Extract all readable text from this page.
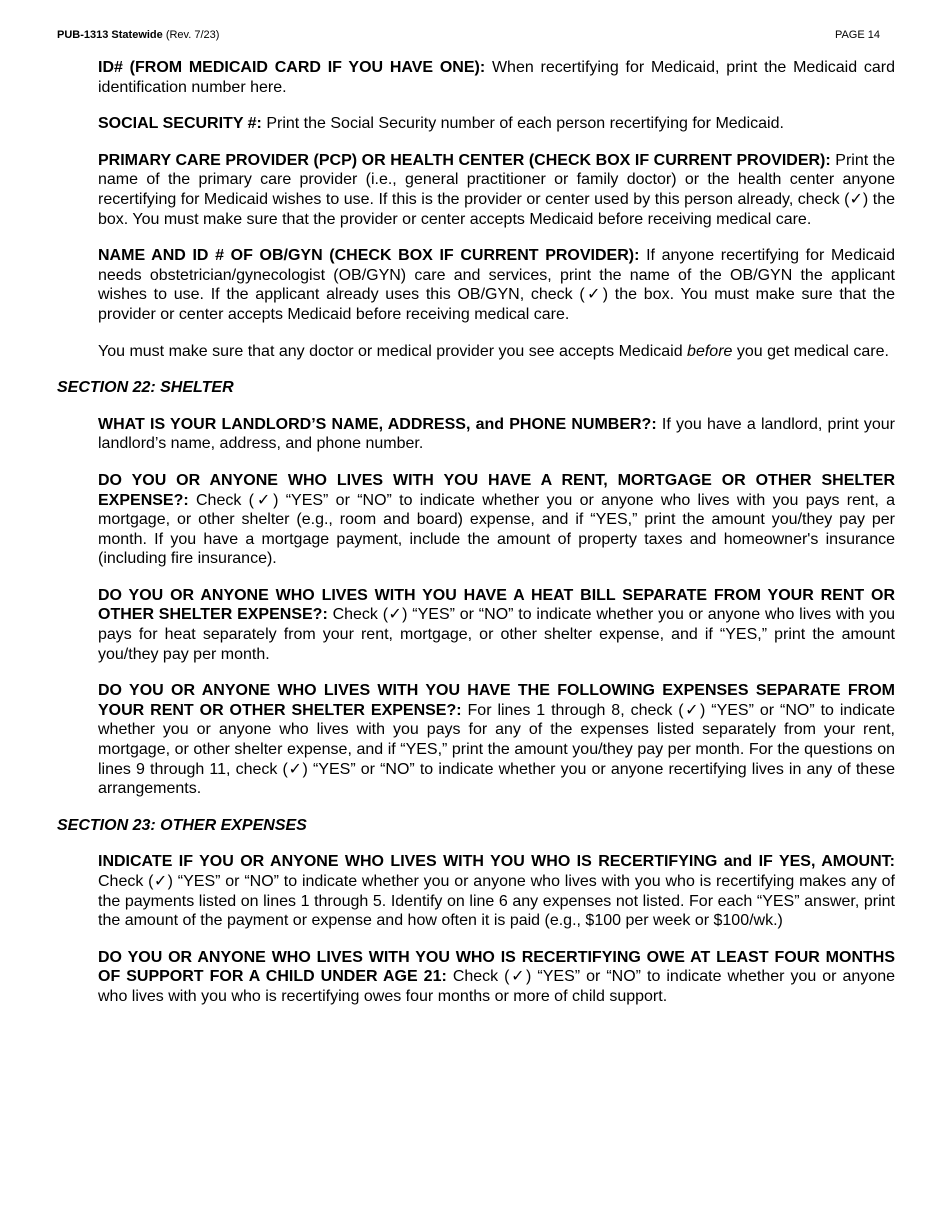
PUB-1313 Statewide (Rev. 7/23)	PAGE 14

ID# (FROM MEDICAID CARD IF YOU HAVE ONE): When recertifying for Medicaid, print the Medicaid card identification number here.

SOCIAL SECURITY #: Print the Social Security number of each person recertifying for Medicaid.

PRIMARY CARE PROVIDER (PCP) OR HEALTH CENTER (CHECK BOX IF CURRENT PROVIDER): Print the name of the primary care provider (i.e., general practitioner or family doctor) or the health center anyone recertifying for Medicaid wishes to use. If this is the provider or center used by this person already, check (✓) the box. You must make sure that the provider or center accepts Medicaid before receiving medical care.

NAME AND ID # OF OB/GYN (CHECK BOX IF CURRENT PROVIDER): If anyone recertifying for Medicaid needs obstetrician/gynecologist (OB/GYN) care and services, print the name of the OB/GYN the applicant wishes to use. If the applicant already uses this OB/GYN, check (✓) the box. You must make sure that the provider or center accepts Medicaid before receiving medical care.

You must make sure that any doctor or medical provider you see accepts Medicaid before you get medical care.

SECTION 22: SHELTER

WHAT IS YOUR LANDLORD’S NAME, ADDRESS, and PHONE NUMBER?: If you have a landlord, print your landlord’s name, address, and phone number.

DO YOU OR ANYONE WHO LIVES WITH YOU HAVE A RENT, MORTGAGE OR OTHER SHELTER EXPENSE?: Check (✓) “YES” or “NO” to indicate whether you or anyone who lives with you pays rent, a mortgage, or other shelter (e.g., room and board) expense, and if “YES,” print the amount you/they pay per month. If you have a mortgage payment, include the amount of property taxes and homeowner's insurance (including fire insurance).

DO YOU OR ANYONE WHO LIVES WITH YOU HAVE A HEAT BILL SEPARATE FROM YOUR RENT OR OTHER SHELTER EXPENSE?: Check (✓) “YES” or “NO” to indicate whether you or anyone who lives with you pays for heat separately from your rent, mortgage, or other shelter expense, and if “YES,” print the amount you/they pay per month.

DO YOU OR ANYONE WHO LIVES WITH YOU HAVE THE FOLLOWING EXPENSES SEPARATE FROM YOUR RENT OR OTHER SHELTER EXPENSE?: For lines 1 through 8, check (✓) “YES” or “NO” to indicate whether you or anyone who lives with you pays for any of the expenses listed separately from your rent, mortgage, or other shelter expense, and if “YES,” print the amount you/they pay per month. For the questions on lines 9 through 11, check (✓) “YES” or “NO” to indicate whether you or anyone recertifying lives in any of these arrangements.

SECTION 23: OTHER EXPENSES

INDICATE IF YOU OR ANYONE WHO LIVES WITH YOU WHO IS RECERTIFYING and IF YES, AMOUNT: Check (✓) “YES” or “NO” to indicate whether you or anyone who lives with you who is recertifying makes any of the payments listed on lines 1 through 5. Identify on line 6 any expenses not listed. For each “YES” answer, print the amount of the payment or expense and how often it is paid (e.g., $100 per week or $100/wk.)

DO YOU OR ANYONE WHO LIVES WITH YOU WHO IS RECERTIFYING OWE AT LEAST FOUR MONTHS OF SUPPORT FOR A CHILD UNDER AGE 21: Check (✓) “YES” or “NO” to indicate whether you or anyone who lives with you who is recertifying owes four months or more of child support.
